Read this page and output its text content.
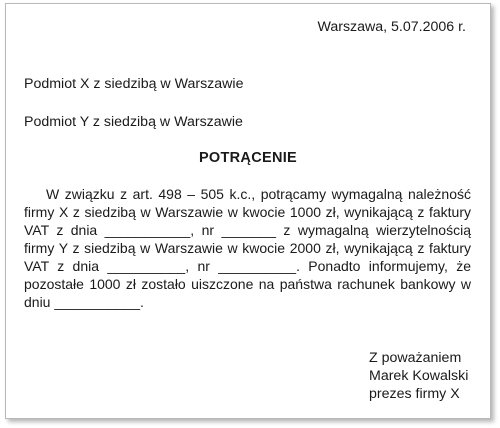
Warszawa, 5.07.2006 r.
Podmiot X z siedzibą w Warszawie
Podmiot Y z siedzibą w Warszawie
POTRĄCENIE

W związku z art. 498 – 505 k.c., potrącamy wymagalną należność firmy X z siedzibą w Warszawie w kwocie 1000 zł, wynikającą z faktury VAT z dnia ___________, nr _______ z wymagalną wierzytelnością firmy Y z siedzibą w Warszawie w kwocie 2000 zł, wynikającą z faktury VAT z dnia __________, nr __________. Ponadto informujemy, że pozostałe 1000 zł zostało uiszczone na państwa rachunek bankowy w dniu ___________.

Z poważaniem
Marek Kowalski
prezes firmy X
